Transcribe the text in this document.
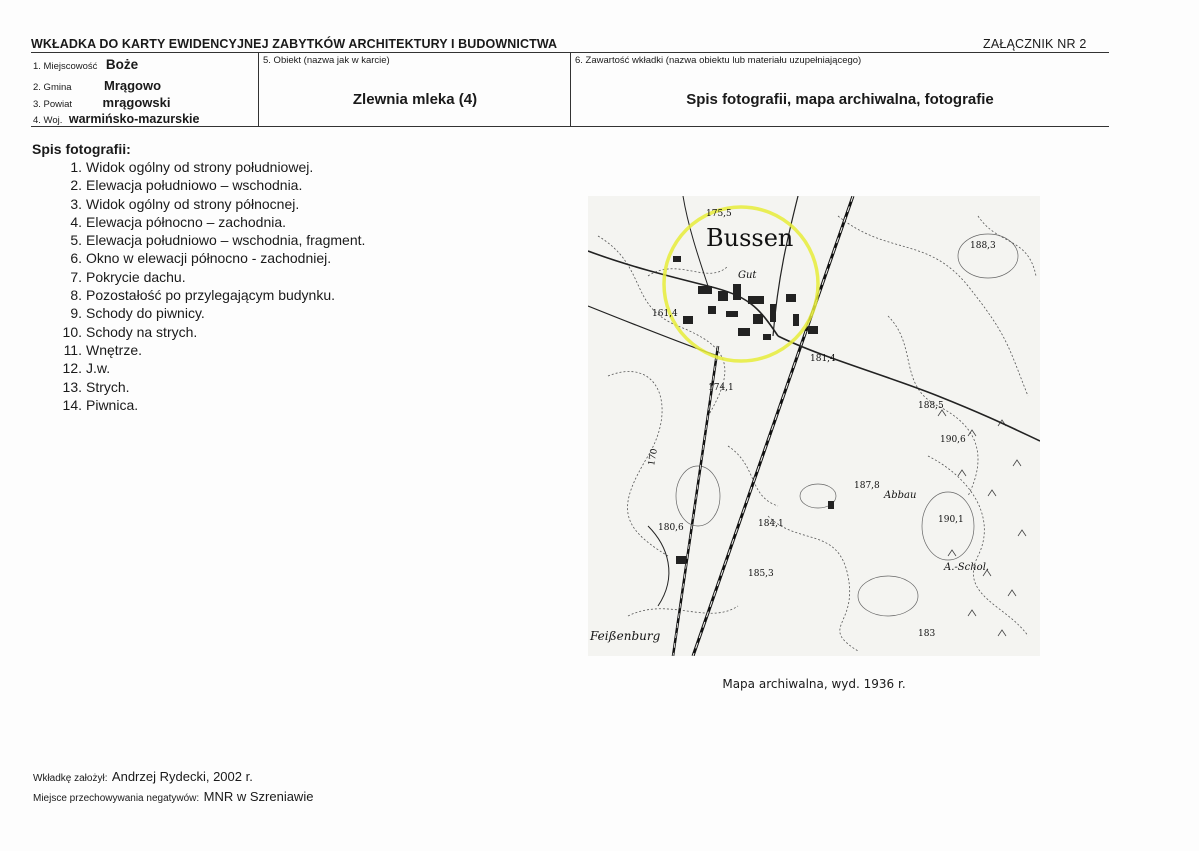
WKŁADKA DO KARTY EWIDENCYJNEJ ZABYTKÓW ARCHITEKTURY I BUDOWNICTWA	ZAŁĄCZNIK NR 2
1. Miejscowość Boże
2. Gmina Mrągowo
3. Powiat mrągowski
4. Woj. warmińsko-mazurskie
5. Obiekt (nazwa jak w karcie)
Zlewnia mleka (4)
6. Zawartość wkładki (nazwa obiektu lub materiału uzupełniającego)
Spis fotografii, mapa archiwalna, fotografie
Spis fotografii:
1. Widok ogólny od strony południowej.
2. Elewacja południowo – wschodnia.
3. Widok ogólny od strony północnej.
4. Elewacja północno – zachodnia.
5. Elewacja południowo – wschodnia, fragment.
6. Okno w elewacji północno - zachodniej.
7. Pokrycie dachu.
8. Pozostałość po przylegającym budynku.
9. Schody do piwnicy.
10. Schody na strych.
11. Wnętrze.
12. J.w.
13. Strych.
14. Piwnica.
Bussen
Gut
175,5
188,3
161,4
181,4
174,1
188,5
190,6
187,8
180,6	184,1
185,3
190,1
183
170
Abbau
A.-Schol.
Feißenburg
Mapa archiwalna, wyd. 1936 r.
Wkładkę założył: Andrzej Rydecki, 2002 r.
Miejsce przechowywania negatywów: MNR w Szreniawie
